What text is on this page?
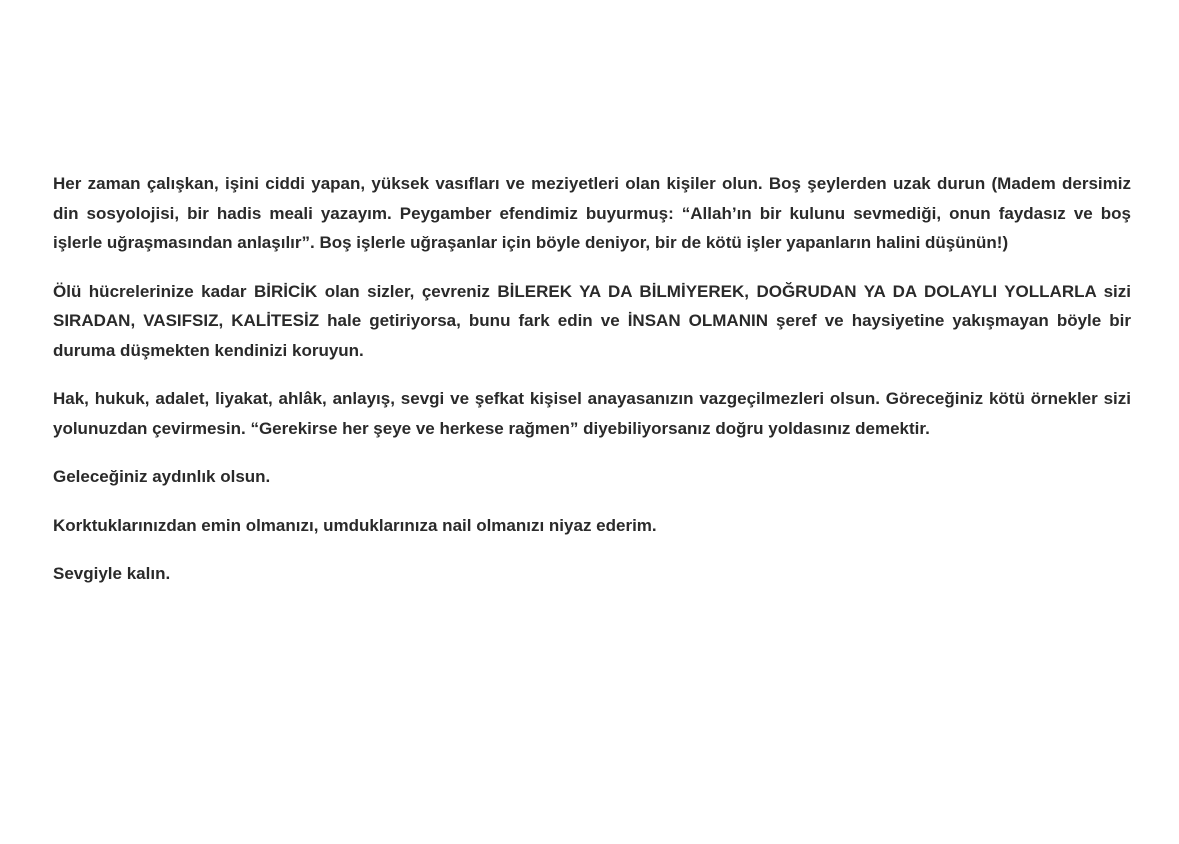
Her zaman çalışkan, işini ciddi yapan, yüksek vasıfları ve meziyetleri olan kişiler olun. Boş şeylerden uzak durun (Madem dersimiz din sosyolojisi, bir hadis meali yazayım. Peygamber efendimiz buyurmuş: “Allah’ın bir kulunu sevmediği, onun faydasız ve boş işlerle uğraşmasından anlaşılır”. Boş işlerle uğraşanlar için böyle deniyor, bir de kötü işler yapanların halini düşünün!)

Ölü hücrelerinize kadar BİRİCİK olan sizler, çevreniz BİLEREK YA DA BİLMİYEREK, DOĞRUDAN YA DA DOLAYLI YOLLARLA sizi SIRADAN, VASIFSIZ, KALİTESİZ hale getiriyorsa, bunu fark edin ve İNSAN OLMANIN şeref ve haysiyetine yakışmayan böyle bir duruma düşmekten kendinizi koruyun.

Hak, hukuk, adalet, liyakat, ahlâk, anlayış, sevgi ve şefkat kişisel anayasanızın vazgeçilmezleri olsun. Göreceğiniz kötü örnekler sizi yolunuzdan çevirmesin. “Gerekirse her şeye ve herkese rağmen” diyebiliyorsanız doğru yoldasınız demektir.

Geleceğiniz aydınlık olsun.

Korktuklarınızdan emin olmanızı, umduklarınıza nail olmanızı niyaz ederim.

Sevgiyle kalın.
